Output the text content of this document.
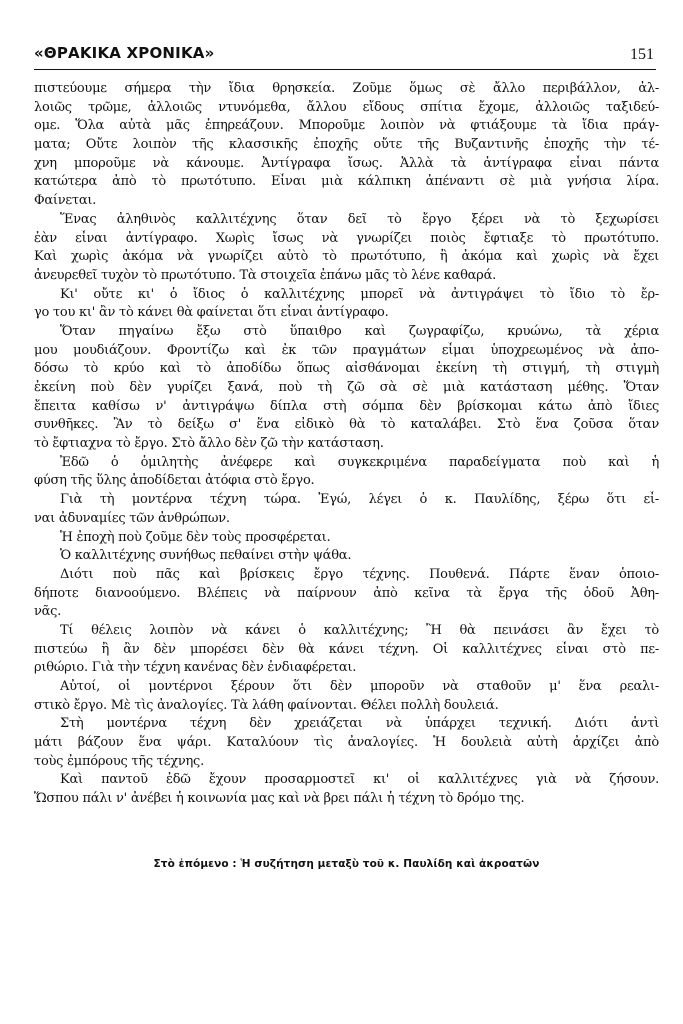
«ΘΡΑΚΙΚΑ ΧΡΟΝΙΚΑ»	151
πιστεύουμε σήμερα τὴν ἴδια θρησκεία. Ζοῦμε ὅμως σὲ ἄλλο περιβάλλον, ἀλ-
λοιῶς τρῶμε, ἀλλοιῶς ντυνόμεθα, ἄλλου εἴδους σπίτια ἔχομε, ἀλλοιῶς ταξιδεύ-
ομε. Ὅλα αὐτὰ μᾶς ἐπηρεάζουν. Μποροῦμε λοιπὸν νὰ φτιάξουμε τὰ ἴδια πράγ-
ματα; Οὔτε λοιπὸν τῆς κλασσικῆς ἐποχῆς οὔτε τῆς Βυζαντινῆς ἐποχῆς τὴν τέ-
χνη μποροῦμε νὰ κάνουμε. Ἀντίγραφα ἴσως. Ἀλλὰ τὰ ἀντίγραφα εἶναι πάντα
κατώτερα ἀπὸ τὸ πρωτότυπο. Εἶναι μιὰ κάλπικη ἀπέναντι σὲ μιὰ γνήσια λίρα.
Φαίνεται.
Ἕνας ἀληθινὸς καλλιτέχνης ὅταν δεῖ τὸ ἔργο ξέρει νὰ τὸ ξεχωρίσει
ἐὰν εἶναι ἀντίγραφο. Χωρὶς ἴσως νὰ γνωρίζει ποιὸς ἔφτιαξε τὸ πρωτότυπο.
Καὶ χωρὶς ἀκόμα νὰ γνωρίζει αὐτὸ τὸ πρωτότυπο, ἢ ἀκόμα καὶ χωρὶς νὰ ἔχει
ἀνευρεθεῖ τυχὸν τὸ πρωτότυπο. Τὰ στοιχεῖα ἐπάνω μᾶς τὸ λένε καθαρά.
Κι' οὔτε κι' ὁ ἴδιος ὁ καλλιτέχνης μπορεῖ νὰ ἀντιγράψει τὸ ἴδιο τὸ ἔρ-
γο του κι' ἂν τὸ κάνει θὰ φαίνεται ὅτι εἶναι ἀντίγραφο.
Ὅταν πηγαίνω ἔξω στὸ ὕπαιθρο καὶ ζωγραφίζω, κρυώνω, τὰ χέρια
μου μουδιάζουν. Φροντίζω καὶ ἐκ τῶν πραγμάτων εἶμαι ὑποχρεωμένος νὰ ἀπο-
δόσω τὸ κρύο καὶ τὸ ἀποδίδω ὅπως αἰσθάνομαι ἐκείνη τὴ στιγμή, τὴ στιγμὴ
ἐκείνη ποὺ δὲν γυρίζει ξανά, ποὺ τὴ ζῶ σὰ σὲ μιὰ κατάσταση μέθης. Ὅταν
ἔπειτα καθίσω ν' ἀντιγράψω δίπλα στὴ σόμπα δὲν βρίσκομαι κάτω ἀπὸ ἴδιες
συνθῆκες. Ἂν τὸ δείξω σ' ἕνα εἰδικὸ θὰ τὸ καταλάβει. Στὸ ἕνα ζοῦσα ὅταν
τὸ ἔφτιαχνα τὸ ἔργο. Στὸ ἄλλο δὲν ζῶ τὴν κατάσταση.
Ἐδῶ ὁ ὁμιλητὴς ἀνέφερε καὶ συγκεκριμένα παραδείγματα ποὺ καὶ ἡ
φύση τῆς ὕλης ἀποδίδεται ἀτόφια στὸ ἔργο.
Γιὰ τὴ μοντέρνα τέχνη τώρα. Ἐγώ, λέγει ὁ κ. Παυλίδης, ξέρω ὅτι εἶ-
ναι ἀδυναμίες τῶν ἀνθρώπων.
Ἡ ἐποχὴ ποὺ ζοῦμε δὲν τοὺς προσφέρεται.
Ὁ καλλιτέχνης συνήθως πεθαίνει στὴν ψάθα.
Διότι ποὺ πᾶς καὶ βρίσκεις ἔργο τέχνης. Πουθενά. Πάρτε ἕναν ὁποιο-
δήποτε διανοούμενο. Βλέπεις νὰ παίρνουν ἀπὸ κεῖνα τὰ ἔργα τῆς ὁδοῦ Ἀθη-
νᾶς.
Τί θέλεις λοιπὸν νὰ κάνει ὁ καλλιτέχνης; Ἢ θὰ πεινάσει ἂν ἔχει τὸ
πιστεύω ἢ ἂν δὲν μπορέσει δὲν θὰ κάνει τέχνη. Οἱ καλλιτέχνες εἶναι στὸ πε-
ριθώριο. Γιὰ τὴν τέχνη κανένας δὲν ἐνδιαφέρεται.
Αὐτοί, οἱ μοντέρνοι ξέρουν ὅτι δὲν μποροῦν νὰ σταθοῦν μ' ἕνα ρεαλι-
στικὸ ἔργο. Μὲ τὶς ἀναλογίες. Τὰ λάθη φαίνονται. Θέλει πολλὴ δουλειά.
Στὴ μοντέρνα τέχνη δὲν χρειάζεται νὰ ὑπάρχει τεχνική. Διότι ἀντὶ
μάτι βάζουν ἕνα ψάρι. Καταλύουν τὶς ἀναλογίες. Ἡ δουλειὰ αὐτὴ ἀρχίζει ἀπὸ
τοὺς ἐμπόρους τῆς τέχνης.
Καὶ παντοῦ ἐδῶ ἔχουν προσαρμοστεῖ κι' οἱ καλλιτέχνες γιὰ νὰ ζήσουν.
Ὥσπου πάλι ν' ἀνέβει ἡ κοινωνία μας καὶ νὰ βρει πάλι ἡ τέχνη τὸ δρόμο της.
Στὸ ἑπόμενο : Ἡ συζήτηση μεταξὺ τοῦ κ. Παυλίδη καὶ ἀκροατῶν
